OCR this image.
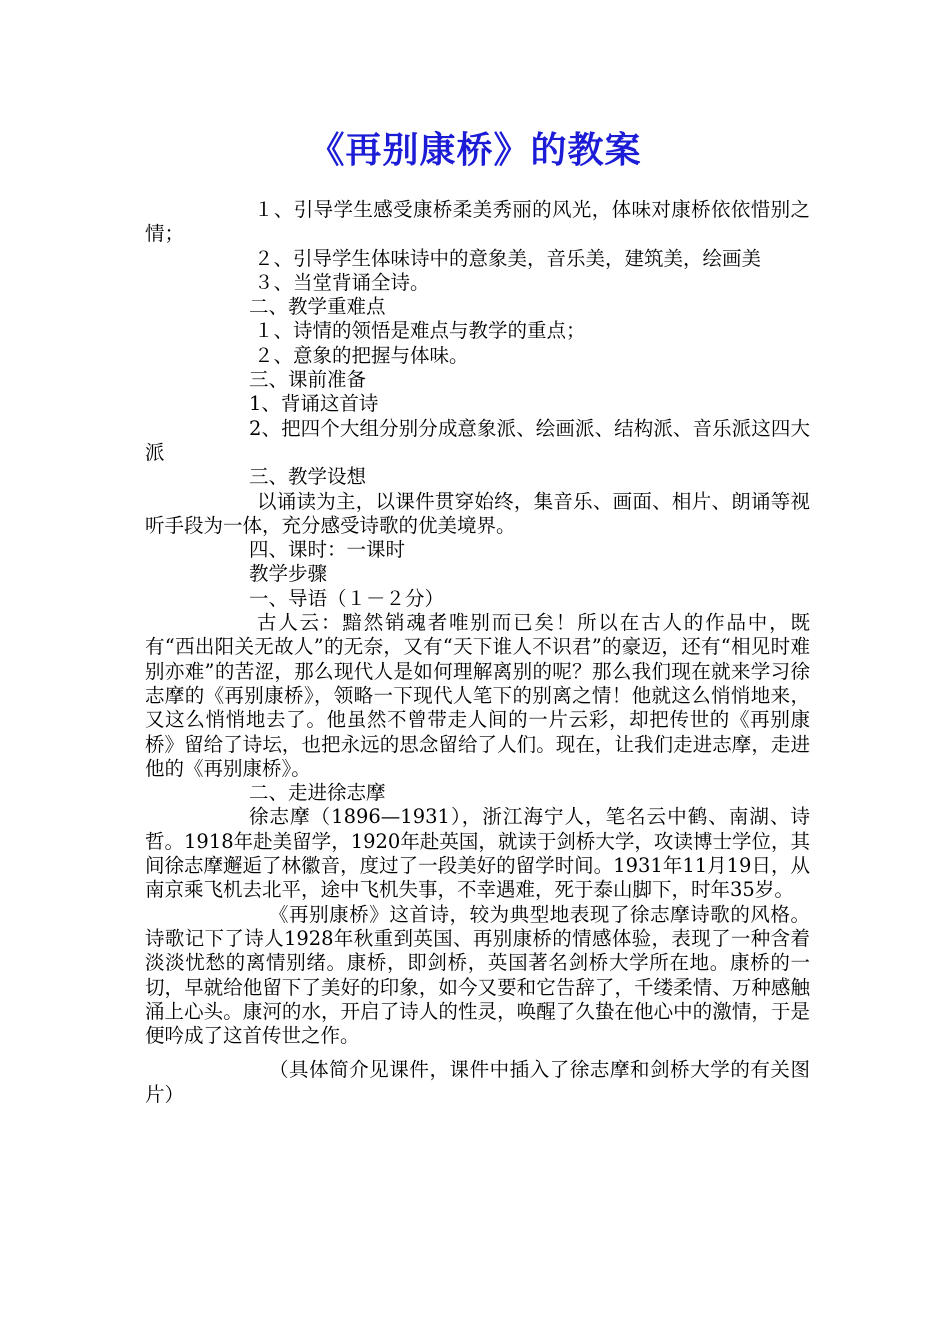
《再别康桥》的教案

１、引导学生感受康桥柔美秀丽的风光，体味对康桥依依惜别之情；

２、引导学生体味诗中的意象美，音乐美，建筑美，绘画美

３、当堂背诵全诗。

二、教学重难点

１、诗情的领悟是难点与教学的重点；

２、意象的把握与体味。

三、课前准备

1、背诵这首诗

2、把四个大组分别分成意象派、绘画派、结构派、音乐派这四大派

三、教学设想

以诵读为主，以课件贯穿始终，集音乐、画面、相片、朗诵等视听手段为一体，充分感受诗歌的优美境界。

四、课时：一课时

教学步骤

一、导语（１－２分）

古人云：黯然销魂者唯别而已矣！所以在古人的作品中，既有“西出阳关无故人”的无奈，又有“天下谁人不识君”的豪迈，还有“相见时难别亦难”的苦涩，那么现代人是如何理解离别的呢？那么我们现在就来学习徐志摩的《再别康桥》，领略一下现代人笔下的别离之情！他就这么悄悄地来，又这么悄悄地去了。他虽然不曾带走人间的一片云彩，却把传世的《再别康桥》留给了诗坛，也把永远的思念留给了人们。现在，让我们走进志摩，走进他的《再别康桥》。

二、走进徐志摩

徐志摩（1896—1931），浙江海宁人，笔名云中鹤、南湖、诗哲。1918年赴美留学，1920年赴英国，就读于剑桥大学，攻读博士学位，其间徐志摩邂逅了林徽音，度过了一段美好的留学时间。1931年11月19日，从南京乘飞机去北平，途中飞机失事，不幸遇难，死于泰山脚下，时年35岁。

《再别康桥》这首诗，较为典型地表现了徐志摩诗歌的风格。诗歌记下了诗人1928年秋重到英国、再别康桥的情感体验，表现了一种含着淡淡忧愁的离情别绪。康桥，即剑桥，英国著名剑桥大学所在地。康桥的一切，早就给他留下了美好的印象，如今又要和它告辞了，千缕柔情、万种感触涌上心头。康河的水，开启了诗人的性灵，唤醒了久蛰在他心中的激情，于是便吟成了这首传世之作。

（具体简介见课件，课件中插入了徐志摩和剑桥大学的有关图片）
